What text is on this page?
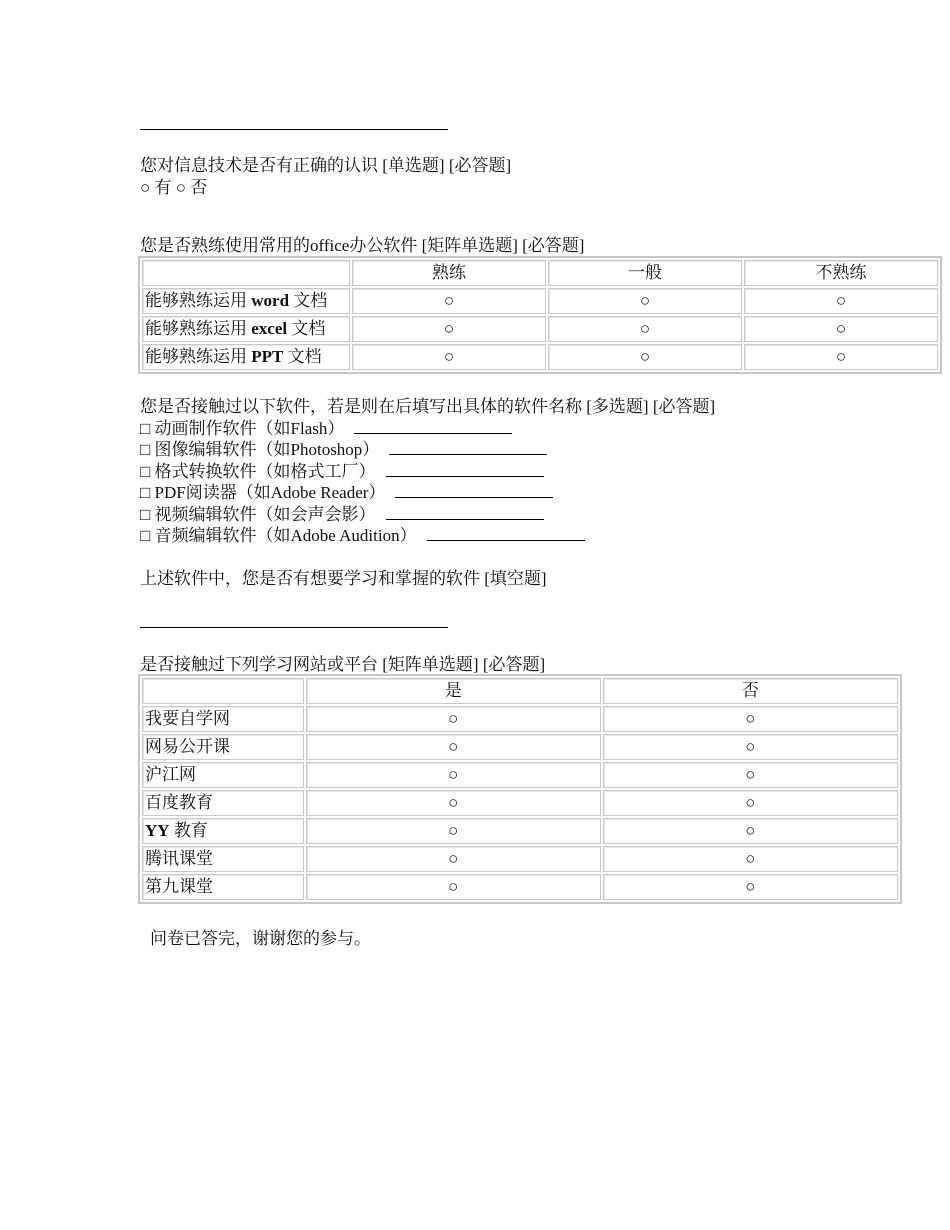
您对信息技术是否有正确的认识 [单选题] [必答题]
○ 有 ○ 否
您是否熟练使用常用的office办公软件 [矩阵单选题] [必答题]
	熟练	一般	不熟练
能够熟练运用 word 文档	○	○	○
能够熟练运用 excel 文档	○	○	○
能够熟练运用 PPT 文档	○	○	○
您是否接触过以下软件，若是则在后填写出具体的软件名称 [多选题] [必答题]
□ 动画制作软件（如Flash）
□ 图像编辑软件（如Photoshop）
□ 格式转换软件（如格式工厂）
□ PDF阅读器（如Adobe Reader）
□ 视频编辑软件（如会声会影）
□ 音频编辑软件（如Adobe Audition）
上述软件中，您是否有想要学习和掌握的软件 [填空题]
是否接触过下列学习网站或平台 [矩阵单选题] [必答题]
	是	否
我要自学网	○	○
网易公开课	○	○
沪江网	○	○
百度教育	○	○
YY 教育	○	○
腾讯课堂	○	○
第九课堂	○	○
问卷已答完，谢谢您的参与。
